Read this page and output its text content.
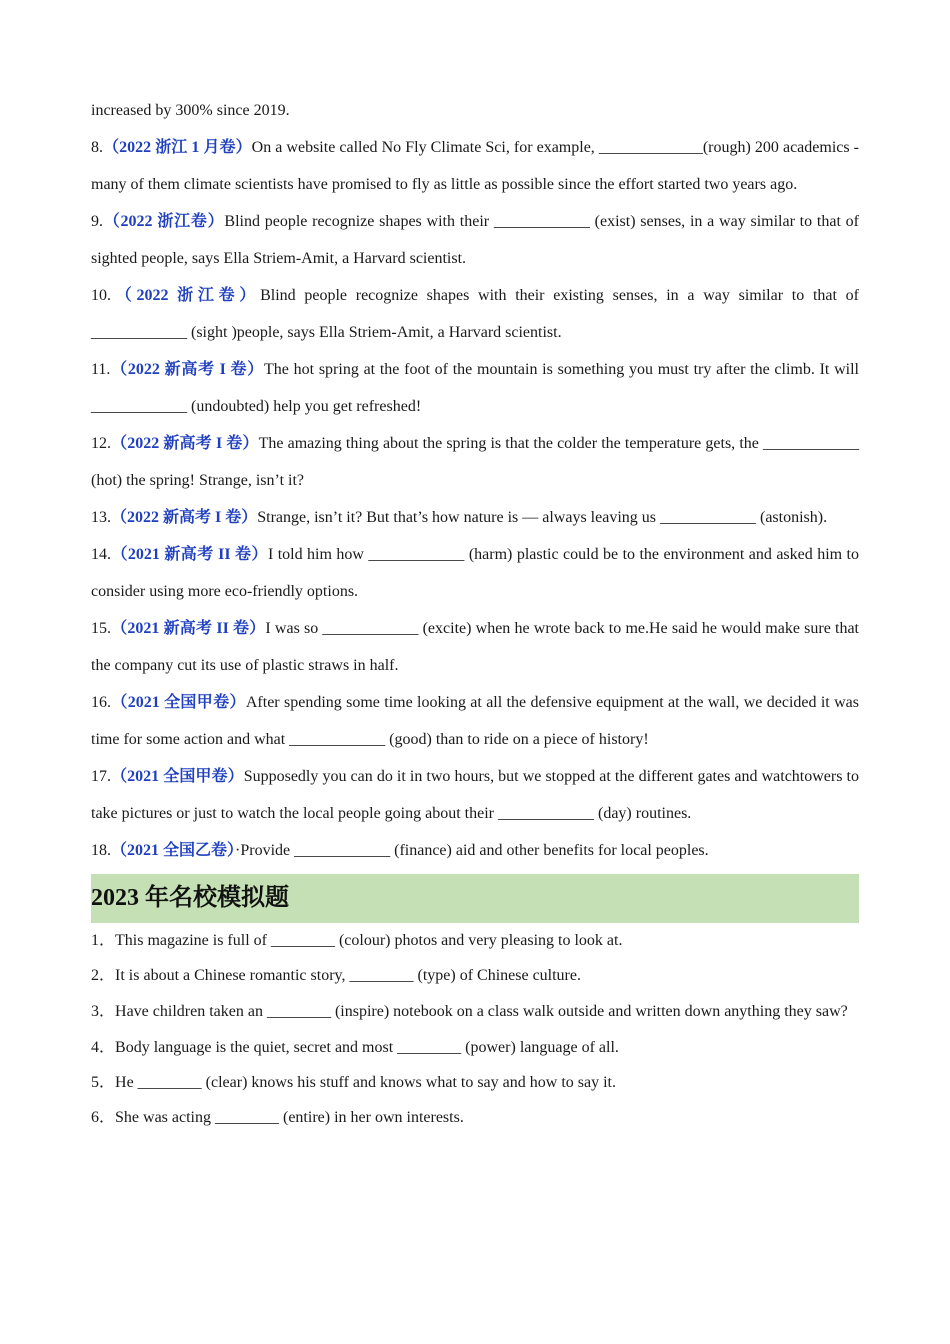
increased by 300% since 2019.

8.（2022 浙江 1 月卷）On a website called No Fly Climate Sci, for example, _____________(rough) 200 academics - many of them climate scientists have promised to fly as little as possible since the effort started two years ago.

9.（2022 浙江卷）Blind people recognize shapes with their ____________ (exist) senses, in a way similar to that of sighted people, says Ella Striem-Amit, a Harvard scientist.

10.（2022 浙江卷）Blind people recognize shapes with their existing senses, in a way similar to that of ____________ (sight )people, says Ella Striem-Amit, a Harvard scientist.

11.（2022 新高考 I 卷）The hot spring at the foot of the mountain is something you must try after the climb. It will ____________ (undoubted) help you get refreshed!

12.（2022 新高考 I 卷）The amazing thing about the spring is that the colder the temperature gets, the ____________ (hot) the spring! Strange, isn’t it?

13.（2022 新高考 I 卷）Strange, isn’t it? But that’s how nature is — always leaving us ____________ (astonish).

14.（2021 新高考 II 卷）I told him how ____________ (harm) plastic could be to the environment and asked him to consider using more eco-friendly options.

15.（2021 新高考 II 卷）I was so ____________ (excite) when he wrote back to me.He said he would make sure that the company cut its use of plastic straws in half.

16.（2021 全国甲卷）After spending some time looking at all the defensive equipment at the wall, we decided it was time for some action and what ____________ (good) than to ride on a piece of history!

17.（2021 全国甲卷）Supposedly you can do it in two hours, but we stopped at the different gates and watchtowers to take pictures or just to watch the local people going about their ____________ (day) routines.

18.（2021 全国乙卷）·Provide ____________ (finance) aid and other benefits for local peoples.

2023 年名校模拟题

1．This magazine is full of ________ (colour) photos and very pleasing to look at.

2．It is about a Chinese romantic story, ________ (type) of Chinese culture.

3．Have children taken an ________ (inspire) notebook on a class walk outside and written down anything they saw?

4．Body language is the quiet, secret and most ________ (power) language of all.

5．He ________ (clear) knows his stuff and knows what to say and how to say it.

6．She was acting ________ (entire) in her own interests.
